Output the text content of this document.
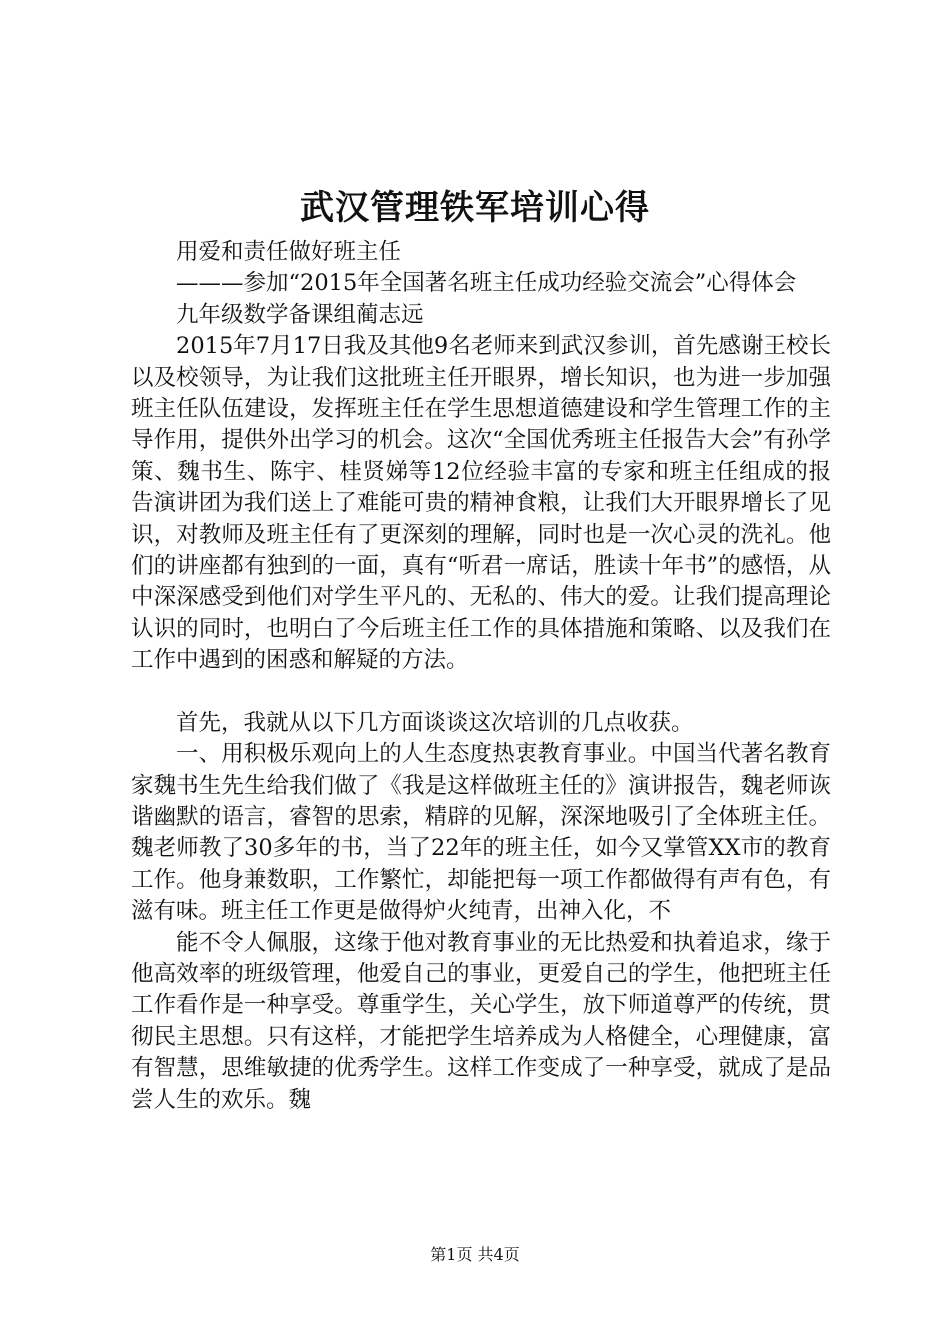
武汉管理铁军培训心得

用爱和责任做好班主任

———参加“2015年全国著名班主任成功经验交流会”心得体会

九年级数学备课组蔺志远

2015年7月17日我及其他9名老师来到武汉参训，首先感谢王校长以及校领导，为让我们这批班主任开眼界，增长知识，也为进一步加强班主任队伍建设，发挥班主任在学生思想道德建设和学生管理工作的主导作用，提供外出学习的机会。这次“全国优秀班主任报告大会”有孙学策、魏书生、陈宇、桂贤娣等12位经验丰富的专家和班主任组成的报告演讲团为我们送上了难能可贵的精神食粮，让我们大开眼界增长了见识，对教师及班主任有了更深刻的理解，同时也是一次心灵的洗礼。他们的讲座都有独到的一面，真有“听君一席话，胜读十年书”的感悟，从中深深感受到他们对学生平凡的、无私的、伟大的爱。让我们提高理论认识的同时，也明白了今后班主任工作的具体措施和策略、以及我们在工作中遇到的困惑和解疑的方法。

首先，我就从以下几方面谈谈这次培训的几点收获。

一、用积极乐观向上的人生态度热衷教育事业。中国当代著名教育家魏书生先生给我们做了《我是这样做班主任的》演讲报告，魏老师诙谐幽默的语言，睿智的思索，精辟的见解，深深地吸引了全体班主任。魏老师教了30多年的书，当了22年的班主任，如今又掌管XX市的教育工作。他身兼数职，工作繁忙，却能把每一项工作都做得有声有色，有滋有味。班主任工作更是做得炉火纯青，出神入化，不

能不令人佩服，这缘于他对教育事业的无比热爱和执着追求，缘于他高效率的班级管理，他爱自己的事业，更爱自己的学生，他把班主任工作看作是一种享受。尊重学生，关心学生，放下师道尊严的传统，贯彻民主思想。只有这样，才能把学生培养成为人格健全，心理健康，富有智慧，思维敏捷的优秀学生。这样工作变成了一种享受，就成了是品尝人生的欢乐。魏

第1页 共4页
